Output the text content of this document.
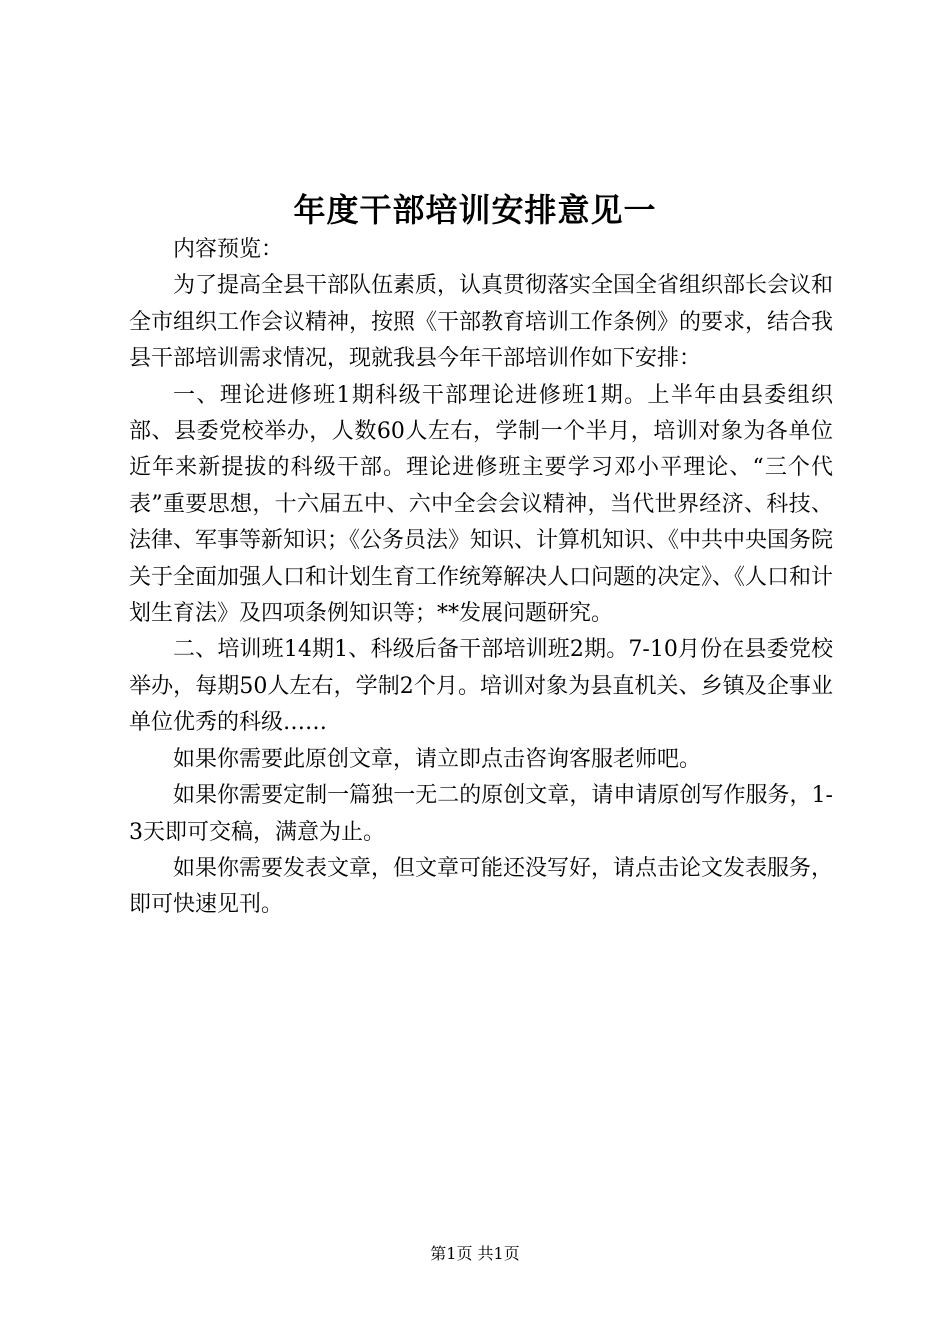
年度干部培训安排意见一

内容预览：

为了提高全县干部队伍素质，认真贯彻落实全国全省组织部长会议和全市组织工作会议精神，按照《干部教育培训工作条例》的要求，结合我县干部培训需求情况，现就我县今年干部培训作如下安排：

一、理论进修班1期科级干部理论进修班1期。上半年由县委组织部、县委党校举办，人数60人左右，学制一个半月，培训对象为各单位近年来新提拔的科级干部。理论进修班主要学习邓小平理论、“三个代表”重要思想，十六届五中、六中全会会议精神，当代世界经济、科技、法律、军事等新知识；《公务员法》知识、计算机知识、《中共中央国务院关于全面加强人口和计划生育工作统筹解决人口问题的决定》、《人口和计划生育法》及四项条例知识等；**发展问题研究。

二、培训班14期1、科级后备干部培训班2期。7-10月份在县委党校举办，每期50人左右，学制2个月。培训对象为县直机关、乡镇及企事业单位优秀的科级……

如果你需要此原创文章，请立即点击咨询客服老师吧。

如果你需要定制一篇独一无二的原创文章，请申请原创写作服务，1-3天即可交稿，满意为止。

如果你需要发表文章，但文章可能还没写好，请点击论文发表服务，即可快速见刊。

第1页 共1页
